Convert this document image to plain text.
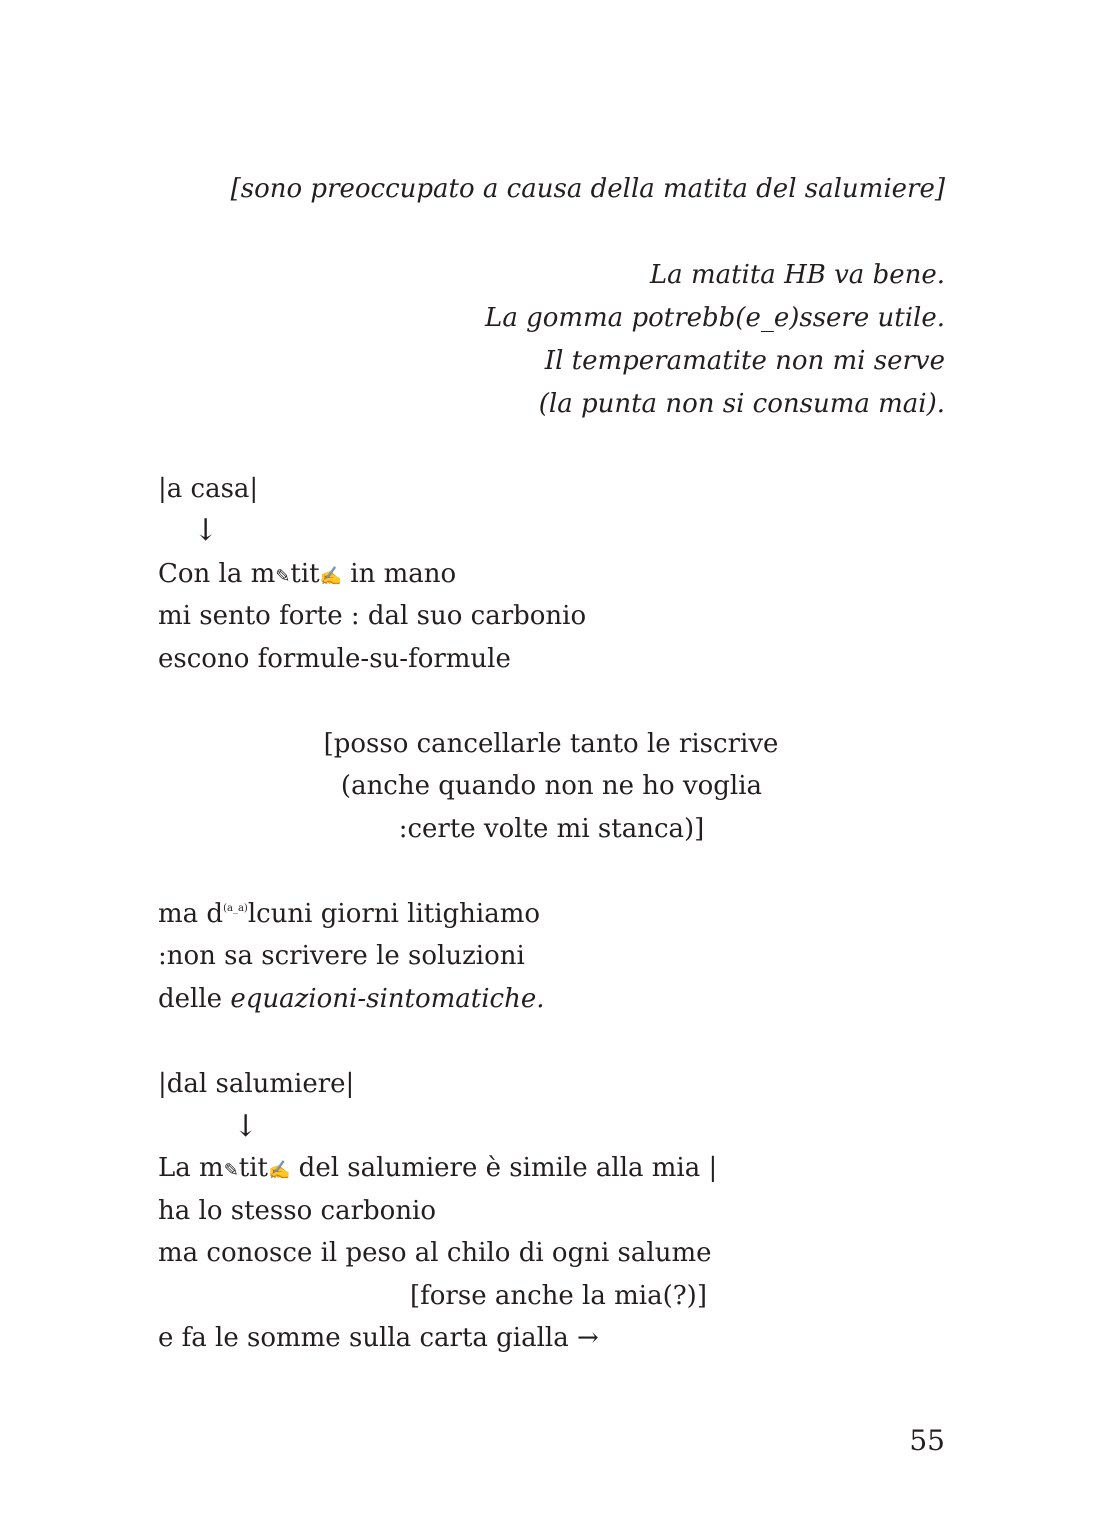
[sono preoccupato a causa della matita del salumiere]
La matita HB va bene.
La gomma potrebb(e_e)ssere utile.
Il temperamatite non mi serve
(la punta non si consuma mai).
|a casa|
↓
Con la m✎tit✍ in mano
mi sento forte : dal suo carbonio
escono formule-su-formule
[posso cancellarle tanto le riscrive
(anche quando non ne ho voglia
:certe volte mi stanca)]
ma $d^{(a\_a)}lcuni$ giorni litighiamo
:non sa scrivere le soluzioni
delle equazioni-sintomatiche.
|dal salumiere|
↓
La m✎tit✍ del salumiere è simile alla mia |
ha lo stesso carbonio
ma conosce il peso al chilo di ogni salume
[forse anche la mia(?)]
e fa le somme sulla carta gialla →
55
